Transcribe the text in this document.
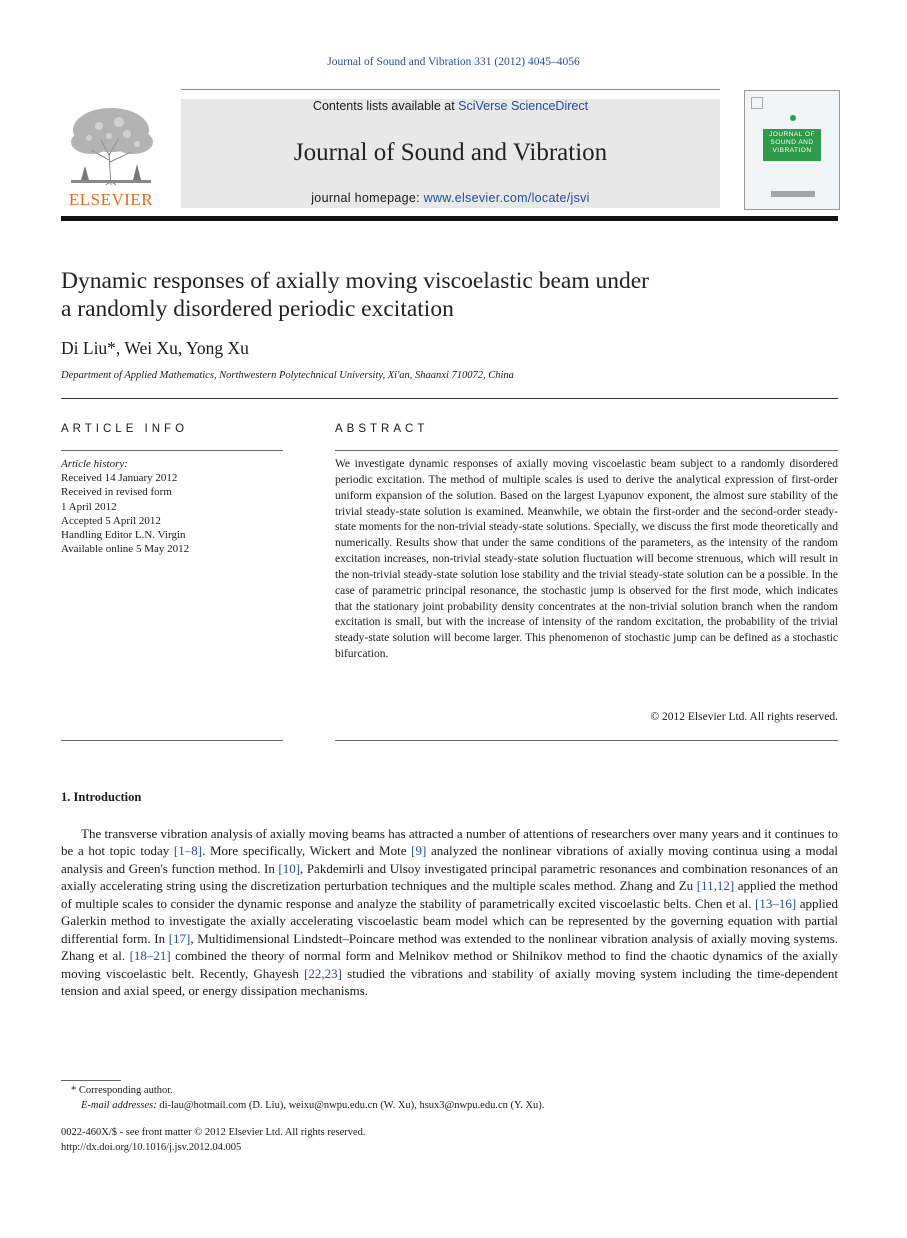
Journal of Sound and Vibration 331 (2012) 4045–4056
ELSEVIER
Contents lists available at SciVerse ScienceDirect
Journal of Sound and Vibration
journal homepage: www.elsevier.com/locate/jsvi
JOURNAL OF SOUND AND VIBRATION
Dynamic responses of axially moving viscoelastic beam under
a randomly disordered periodic excitation
Di Liu*, Wei Xu, Yong Xu
Department of Applied Mathematics, Northwestern Polytechnical University, Xi'an, Shaanxi 710072, China
ARTICLE INFO
Article history:
Received 14 January 2012
Received in revised form
1 April 2012
Accepted 5 April 2012
Handling Editor L.N. Virgin
Available online 5 May 2012
ABSTRACT
We investigate dynamic responses of axially moving viscoelastic beam subject to a randomly disordered periodic excitation. The method of multiple scales is used to derive the analytical expression of first-order uniform expansion of the solution. Based on the largest Lyapunov exponent, the almost sure stability of the trivial steady-state solution is examined. Meanwhile, we obtain the first-order and the second-order steady-state moments for the non-trivial steady-state solutions. Specially, we discuss the first mode theoretically and numerically. Results show that under the same conditions of the parameters, as the intensity of the random excitation increases, non-trivial steady-state solution fluctuation will become strenuous, which will result in the non-trivial steady-state solution lose stability and the trivial steady-state solution can be a possible. In the case of parametric principal resonance, the stochastic jump is observed for the first mode, which indicates that the stationary joint probability density concentrates at the non-trivial solution branch when the random excitation is small, but with the increase of intensity of the random excitation, the probability of the trivial steady-state solution will become larger. This phenomenon of stochastic jump can be defined as a stochastic bifurcation.
© 2012 Elsevier Ltd. All rights reserved.
1. Introduction
The transverse vibration analysis of axially moving beams has attracted a number of attentions of researchers over many years and it continues to be a hot topic today [1–8]. More specifically, Wickert and Mote [9] analyzed the nonlinear vibrations of axially moving continua using a modal analysis and Green's function method. In [10], Pakdemirli and Ulsoy investigated principal parametric resonances and combination resonances of an axially accelerating string using the discretization perturbation techniques and the multiple scales method. Zhang and Zu [11,12] applied the method of multiple scales to consider the dynamic response and analyze the stability of parametrically excited viscoelastic belts. Chen et al. [13–16] applied Galerkin method to investigate the axially accelerating viscoelastic beam model which can be represented by the governing equation with partial differential form. In [17], Multidimensional Lindstedt–Poincare method was extended to the nonlinear vibration analysis of axially moving systems. Zhang et al. [18–21] combined the theory of normal form and Melnikov method or Shilnikov method to find the chaotic dynamics of the axially moving viscoelastic belt. Recently, Ghayesh [22,23] studied the vibrations and stability of axially moving system including the time-dependent tension and axial speed, or energy dissipation mechanisms.
* Corresponding author.
E-mail addresses: di-lau@hotmail.com (D. Liu), weixu@nwpu.edu.cn (W. Xu), hsux3@nwpu.edu.cn (Y. Xu).
0022-460X/$ - see front matter © 2012 Elsevier Ltd. All rights reserved.
http://dx.doi.org/10.1016/j.jsv.2012.04.005
